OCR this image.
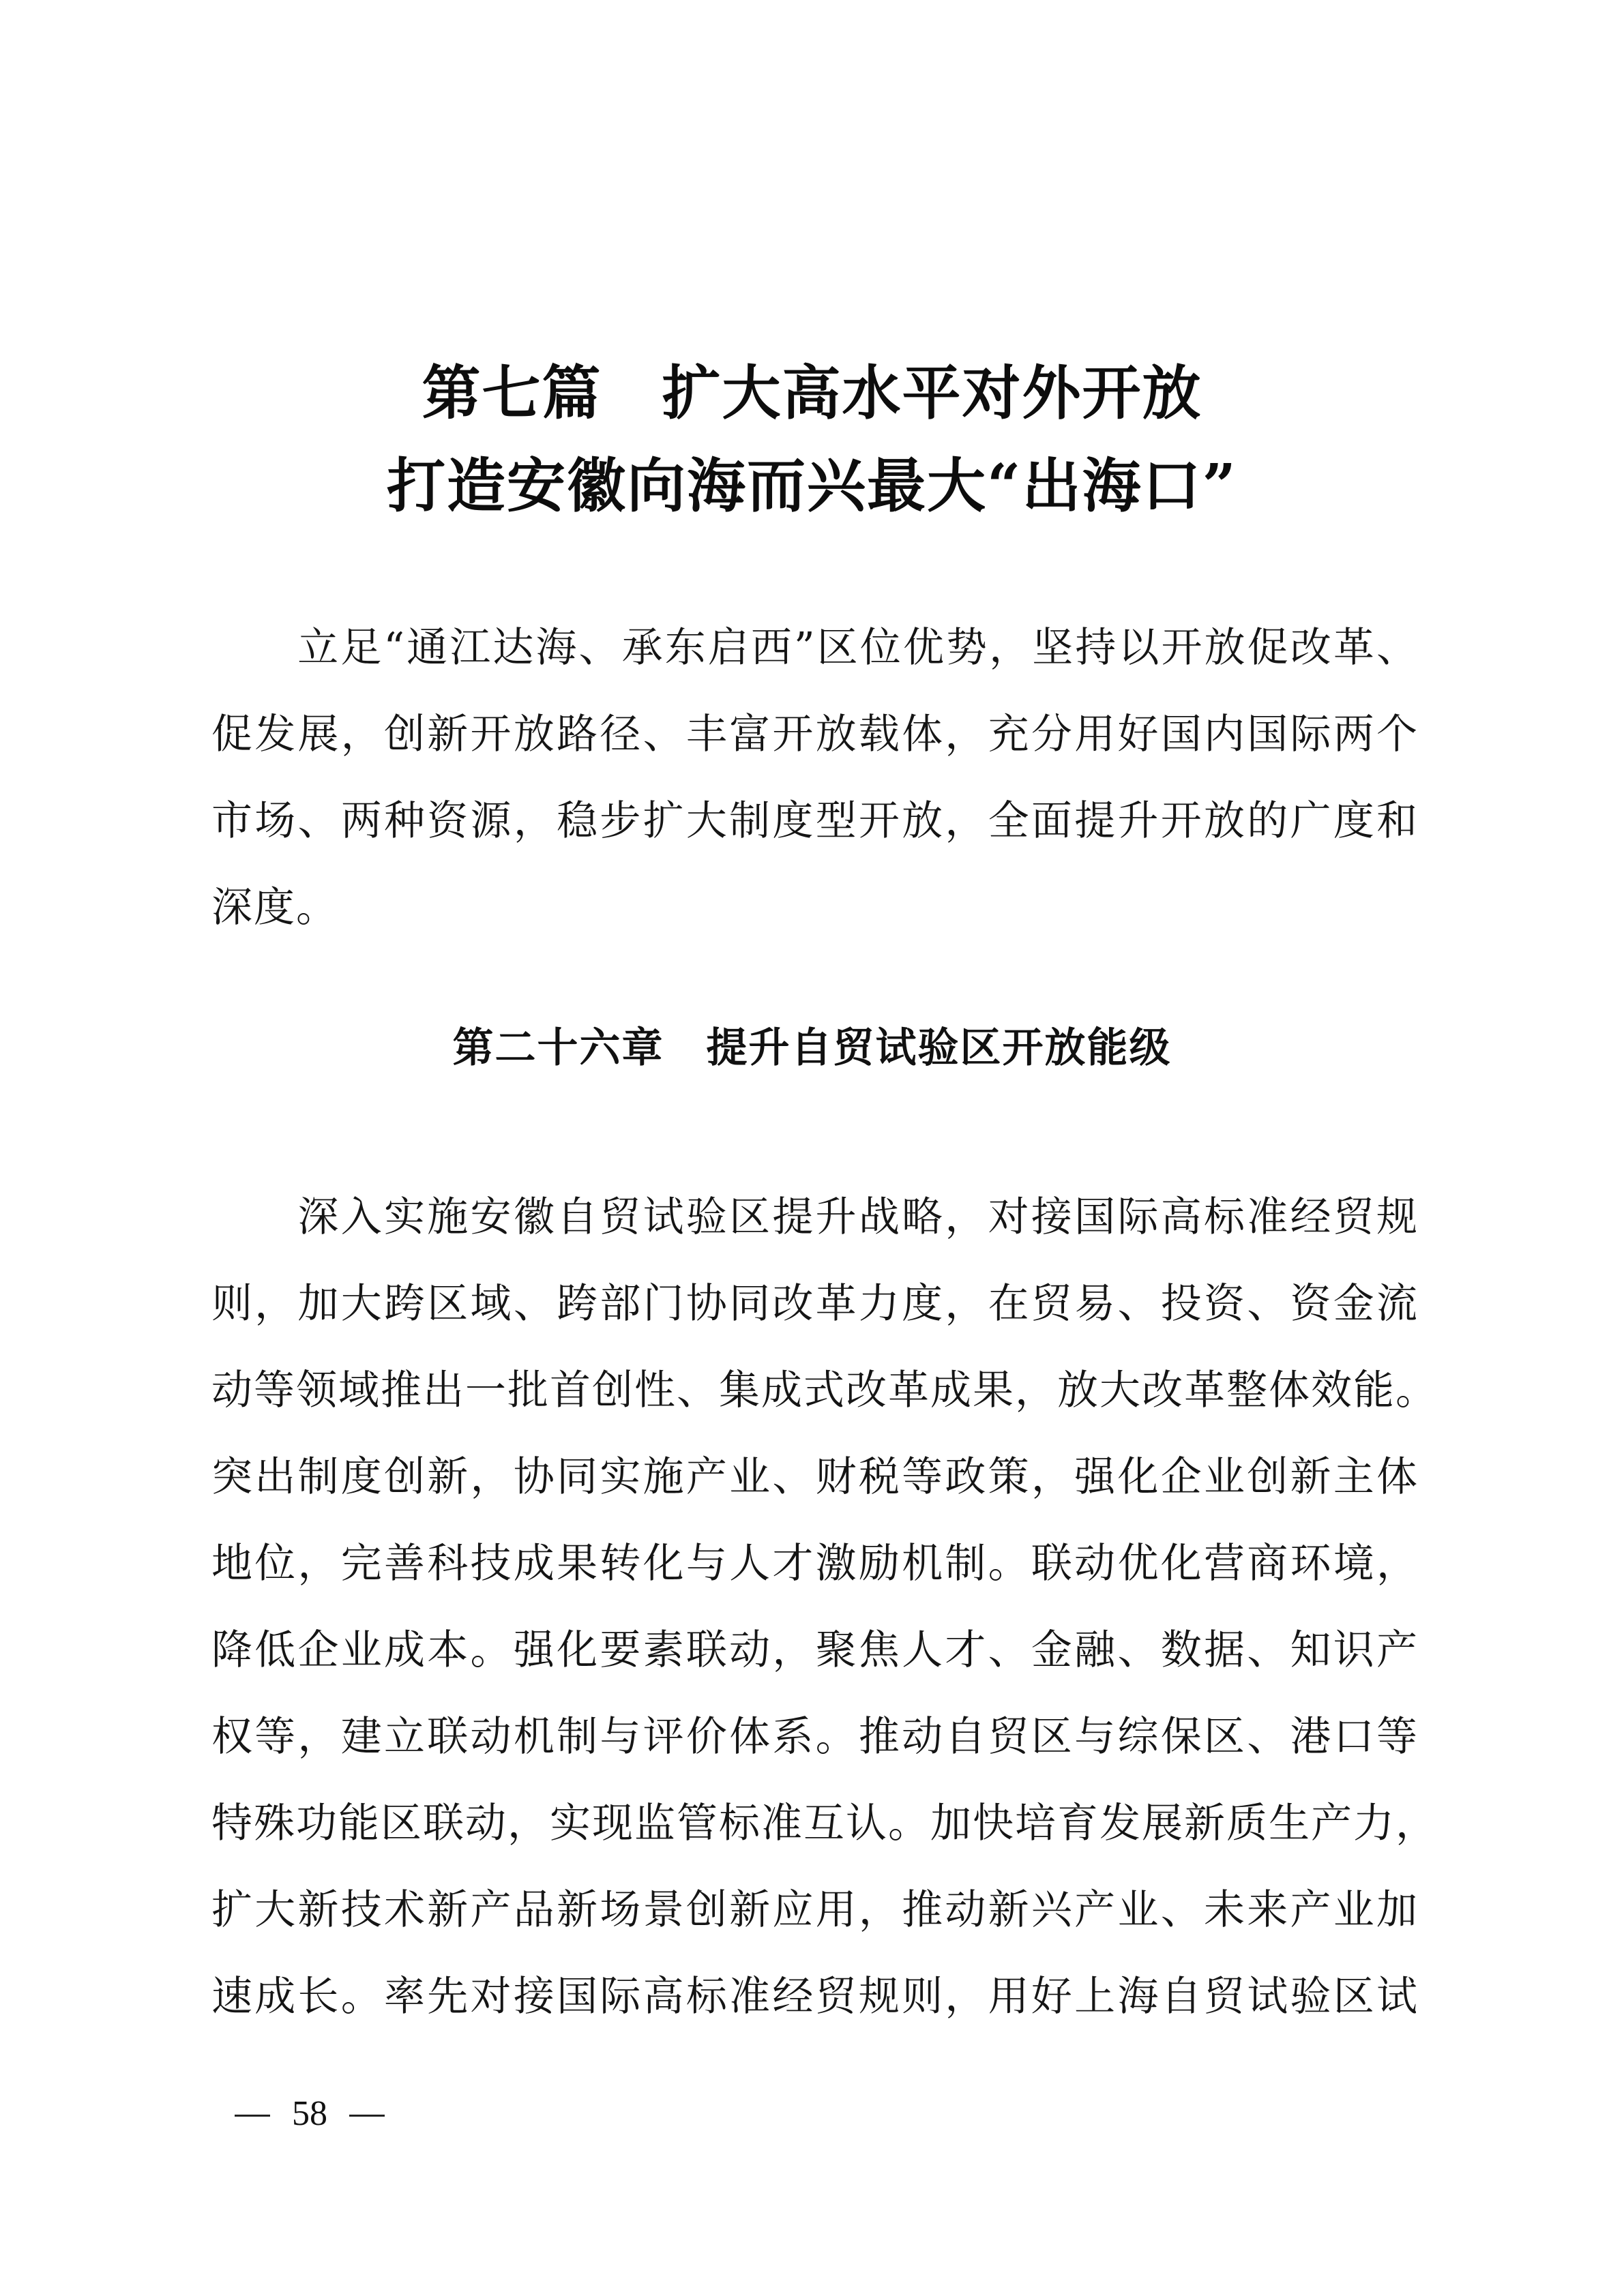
第七篇　扩大高水平对外开放
打造安徽向海而兴最大“出海口”
　　立足“通江达海、承东启西”区位优势，坚持以开放促改革、
促发展，创新开放路径、丰富开放载体，充分用好国内国际两个
市场、两种资源，稳步扩大制度型开放，全面提升开放的广度和
深度。
第二十六章　提升自贸试验区开放能级
　　深入实施安徽自贸试验区提升战略，对接国际高标准经贸规
则，加大跨区域、跨部门协同改革力度，在贸易、投资、资金流
动等领域推出一批首创性、集成式改革成果，放大改革整体效能。
突出制度创新，协同实施产业、财税等政策，强化企业创新主体
地位，完善科技成果转化与人才激励机制。联动优化营商环境，
降低企业成本。强化要素联动，聚焦人才、金融、数据、知识产
权等，建立联动机制与评价体系。推动自贸区与综保区、港口等
特殊功能区联动，实现监管标准互认。加快培育发展新质生产力，
扩大新技术新产品新场景创新应用，推动新兴产业、未来产业加
速成长。率先对接国际高标准经贸规则，用好上海自贸试验区试
58
